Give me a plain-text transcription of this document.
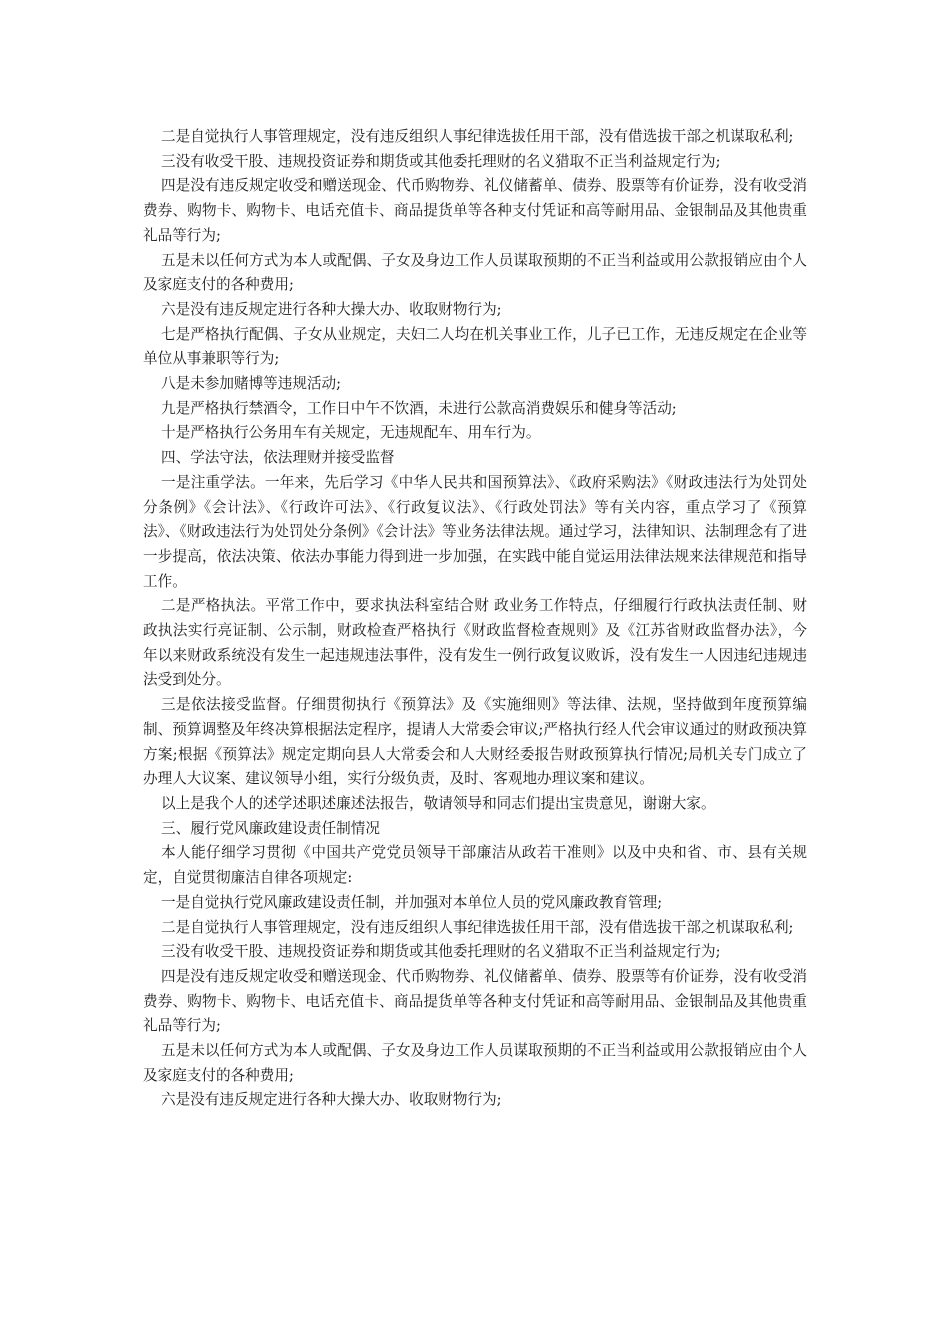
二是自觉执行人事管理规定，没有违反组织人事纪律选拔任用干部，没有借选拔干部之机谋取私利;

三没有收受干股、违规投资证券和期货或其他委托理财的名义猎取不正当利益规定行为;

四是没有违反规定收受和赠送现金、代币购物券、礼仪储蓄单、债券、股票等有价证券，没有收受消费券、购物卡、购物卡、电话充值卡、商品提货单等各种支付凭证和高等耐用品、金银制品及其他贵重礼品等行为;

五是未以任何方式为本人或配偶、子女及身边工作人员谋取预期的不正当利益或用公款报销应由个人及家庭支付的各种费用;

六是没有违反规定进行各种大操大办、收取财物行为;

七是严格执行配偶、子女从业规定，夫妇二人均在机关事业工作，儿子已工作，无违反规定在企业等单位从事兼职等行为;

八是未参加赌博等违规活动;

九是严格执行禁酒令，工作日中午不饮酒，未进行公款高消费娱乐和健身等活动;

十是严格执行公务用车有关规定，无违规配车、用车行为。

四、学法守法，依法理财并接受监督

一是注重学法。一年来，先后学习《中华人民共和国预算法》、《政府采购法》《财政违法行为处罚处分条例》《会计法》、《行政许可法》、《行政复议法》、《行政处罚法》等有关内容，重点学习了《预算法》、《财政违法行为处罚处分条例》《会计法》等业务法律法规。通过学习，法律知识、法制理念有了进一步提高，依法决策、依法办事能力得到进一步加强，在实践中能自觉运用法律法规来法律规范和指导工作。

二是严格执法。平常工作中，要求执法科室结合财 政业务工作特点，仔细履行行政执法责任制、财政执法实行亮证制、公示制，财政检查严格执行《财政监督检查规则》及《江苏省财政监督办法》，今年以来财政系统没有发生一起违规违法事件，没有发生一例行政复议败诉，没有发生一人因违纪违规违法受到处分。

三是依法接受监督。仔细贯彻执行《预算法》及《实施细则》等法律、法规，坚持做到年度预算编制、预算调整及年终决算根据法定程序，提请人大常委会审议;严格执行经人代会审议通过的财政预决算方案;根据《预算法》规定定期向县人大常委会和人大财经委报告财政预算执行情况;局机关专门成立了办理人大议案、建议领导小组，实行分级负责，及时、客观地办理议案和建议。

以上是我个人的述学述职述廉述法报告，敬请领导和同志们提出宝贵意见，谢谢大家。

三、履行党风廉政建设责任制情况

本人能仔细学习贯彻《中国共产党党员领导干部廉洁从政若干准则》以及中央和省、市、县有关规定，自觉贯彻廉洁自律各项规定:

一是自觉执行党风廉政建设责任制，并加强对本单位人员的党风廉政教育管理;

二是自觉执行人事管理规定，没有违反组织人事纪律选拔任用干部，没有借选拔干部之机谋取私利;

三没有收受干股、违规投资证券和期货或其他委托理财的名义猎取不正当利益规定行为;

四是没有违反规定收受和赠送现金、代币购物券、礼仪储蓄单、债券、股票等有价证券，没有收受消费券、购物卡、购物卡、电话充值卡、商品提货单等各种支付凭证和高等耐用品、金银制品及其他贵重礼品等行为;

五是未以任何方式为本人或配偶、子女及身边工作人员谋取预期的不正当利益或用公款报销应由个人及家庭支付的各种费用;

六是没有违反规定进行各种大操大办、收取财物行为;
